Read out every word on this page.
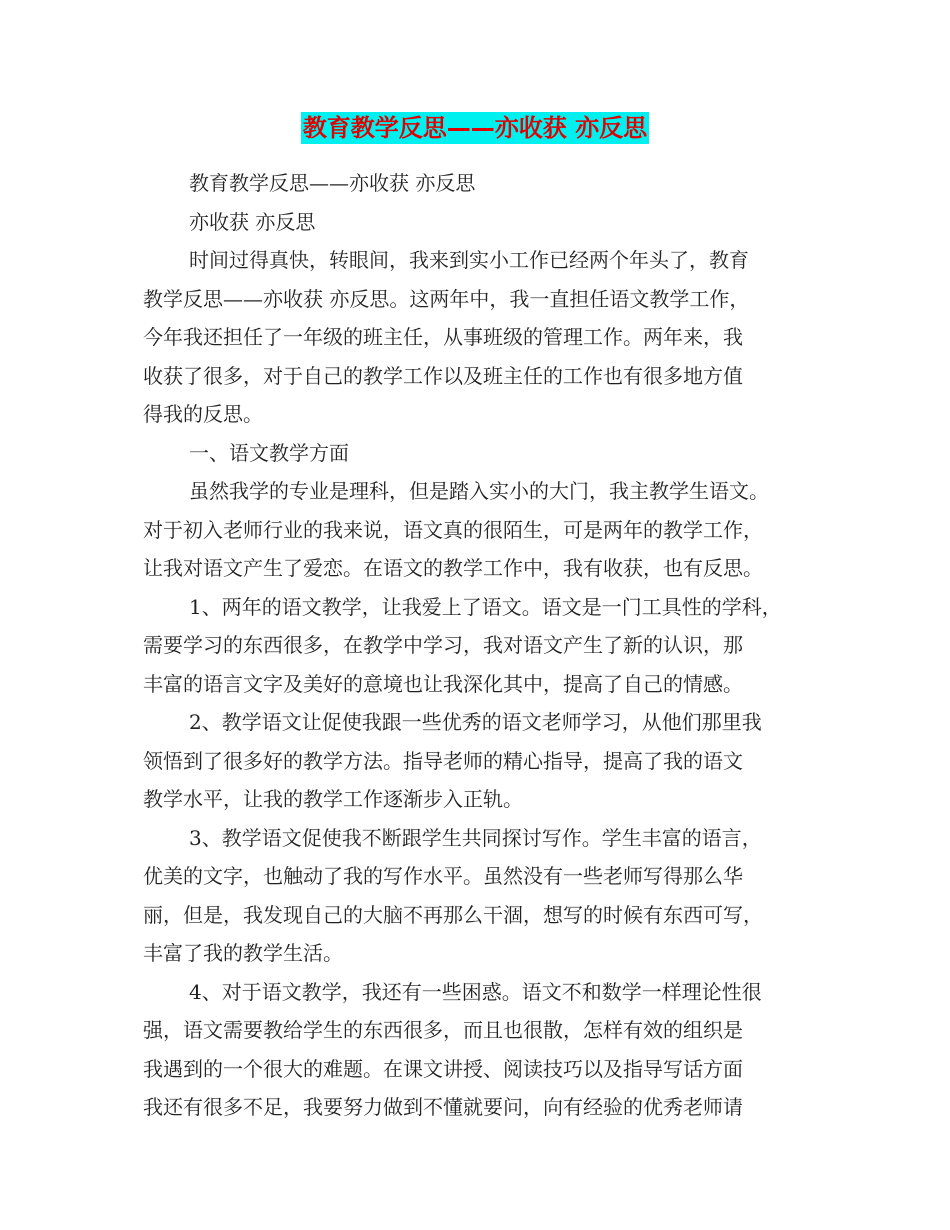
教育教学反思——亦收获 亦反思

教育教学反思——亦收获 亦反思

亦收获 亦反思

时间过得真快，转眼间，我来到实小工作已经两个年头了，教育
教学反思——亦收获 亦反思。这两年中，我一直担任语文教学工作，
今年我还担任了一年级的班主任，从事班级的管理工作。两年来，我
收获了很多，对于自己的教学工作以及班主任的工作也有很多地方值
得我的反思。

一、语文教学方面

虽然我学的专业是理科，但是踏入实小的大门，我主教学生语文。
对于初入老师行业的我来说，语文真的很陌生，可是两年的教学工作，
让我对语文产生了爱恋。在语文的教学工作中，我有收获，也有反思。

1、两年的语文教学，让我爱上了语文。语文是一门工具性的学科，
需要学习的东西很多，在教学中学习，我对语文产生了新的认识，那
丰富的语言文字及美好的意境也让我深化其中，提高了自己的情感。

2、教学语文让促使我跟一些优秀的语文老师学习，从他们那里我
领悟到了很多好的教学方法。指导老师的精心指导，提高了我的语文
教学水平，让我的教学工作逐渐步入正轨。

3、教学语文促使我不断跟学生共同探讨写作。学生丰富的语言，
优美的文字，也触动了我的写作水平。虽然没有一些老师写得那么华
丽，但是，我发现自己的大脑不再那么干涸，想写的时候有东西可写，
丰富了我的教学生活。

4、对于语文教学，我还有一些困惑。语文不和数学一样理论性很
强，语文需要教给学生的东西很多，而且也很散，怎样有效的组织是
我遇到的一个很大的难题。在课文讲授、阅读技巧以及指导写话方面
我还有很多不足，我要努力做到不懂就要问，向有经验的优秀老师请
